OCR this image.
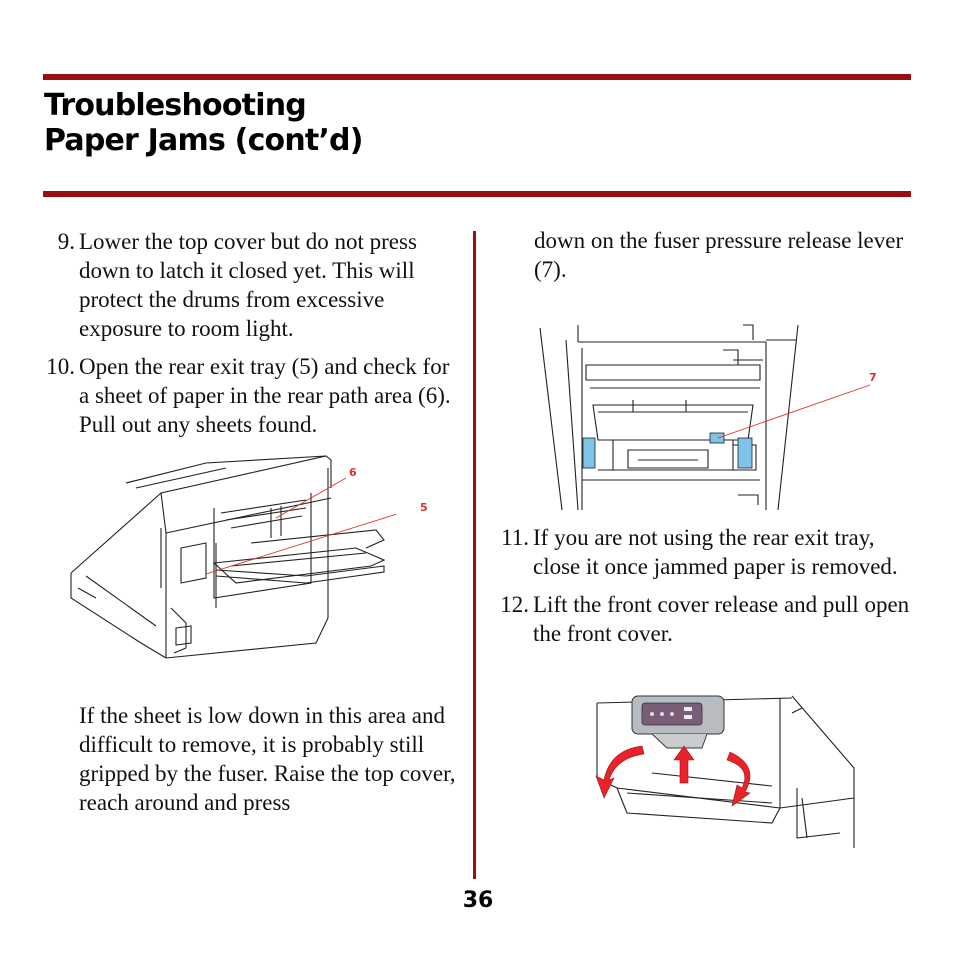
Troubleshooting
Paper Jams (cont’d)
9. Lower the top cover but do not press down to latch it closed yet. This will protect the drums from excessive exposure to room light.
10. Open the rear exit tray (5) and check for a sheet of paper in the rear path area (6). Pull out any sheets found.
6
5

If the sheet is low down in this area and difficult to remove, it is probably still gripped by the fuser. Raise the top cover, reach around and press

down on the fuser pressure release lever (7).

7
11. If you are not using the rear exit tray, close it once jammed paper is removed.
12. Lift the front cover release and pull open the front cover.
36
